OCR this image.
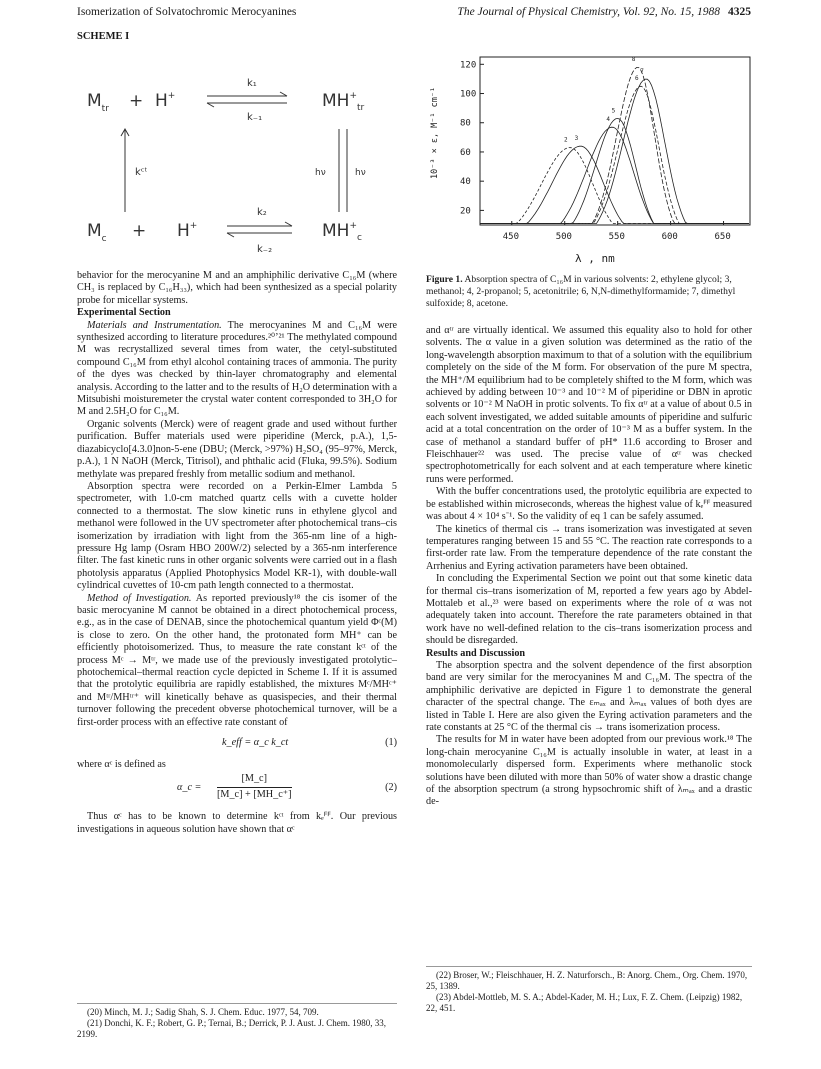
Isomerization of Solvatochromic Merocyanines	The Journal of Physical Chemistry, Vol. 92, No. 15, 1988 4325
SCHEME I
$M_{tr} + H^+$
k₁
k₋₁
$MH^+_{tr}$
kᶜᵗ	hν	hν
$M_c + H^+$
k₂
k₋₂
$MH^+_c$
120
100
80
60
40
20
450	500	550	600	650
2 3
4
5
6
7
8
10⁻³ × ε, M⁻¹ cm⁻¹
λ , nm
Figure 1. Absorption spectra of C₁₆M in various solvents: 2, ethylene glycol; 3, methanol; 4, 2-propanol; 5, acetonitrile; 6, N,N-dimethylformamide; 7, dimethyl sulfoxide; 8, acetone.

behavior for the merocyanine M and an amphiphilic derivative C₁₆M (where CH₃ is replaced by C₁₆H₃₃), which had been synthesized as a special polarity probe for micellar systems.

Experimental Section

Materials and Instrumentation. The merocyanines M and C₁₆M were synthesized according to literature procedures.²⁰ʼ²¹ The methylated compound M was recrystallized several times from water, the cetyl-substituted compound C₁₆M from ethyl alcohol containing traces of ammonia. The purity of the dyes was checked by thin-layer chromatography and elemental analysis. According to the latter and to the results of H₂O determination with a Mitsubishi moisturemeter the crystal water content corresponded to 3H₂O for M and 2.5H₂O for C₁₆M.

Organic solvents (Merck) were of reagent grade and used without further purification. Buffer materials used were piperidine (Merck, p.A.), 1,5-diazabicyclo[4.3.0]non-5-ene (DBU; (Merck, >97%) H₂SO₄ (95–97%, Merck, p.A.), 1 N NaOH (Merck, Titrisol), and phthalic acid (Fluka, 99.5%). Sodium methylate was prepared freshly from metallic sodium and methanol.

Absorption spectra were recorded on a Perkin-Elmer Lambda 5 spectrometer, with 1.0-cm matched quartz cells with a cuvette holder connected to a thermostat. The slow kinetic runs in ethylene glycol and methanol were followed in the UV spectrometer after photochemical trans–cis isomerization by irradiation with light from the 365-nm line of a high-pressure Hg lamp (Osram HBO 200W/2) selected by a 365-nm interference filter. The fast kinetic runs in other organic solvents were carried out in a flash photolysis apparatus (Applied Photophysics Model KR-1), with double-wall cylindrical cuvettes of 10-cm path length connected to a thermostat.

Method of Investigation. As reported previously¹⁸ the cis isomer of the basic merocyanine M cannot be obtained in a direct photochemical process, e.g., as in the case of DENAB, since the photochemical quantum yield Φᶜ(M) is close to zero. On the other hand, the protonated form MH⁺ can be efficiently photoisomerized. Thus, to measure the rate constant kᶜᵗ of the process Mᶜ → Mᵗʳ, we made use of the previously investigated protolytic–photochemical–thermal reaction cycle depicted in Scheme I. If it is assumed that the protolytic equilibria are rapidly established, the mixtures Mᶜ/MHᶜ⁺ and Mᵗʳ/MHᵗʳ⁺ will kinetically behave as quasispecies, and their thermal turnover following the precedent obverse photochemical turnover, will be a first-order process with an effective rate constant of

k_eff = α_c k_ct	(1)

where αᶜ is defined as

α_c = $\frac{[M\_c]}{[M\_c] + [MH\_c^+]}$	(2)

Thus αᶜ has to be known to determine kᶜᵗ from kₑꟳꟳ. Our previous investigations in aqueous solution have shown that αᶜ

and αᵗʳ are virtually identical. We assumed this equality also to hold for other solvents. The α value in a given solution was determined as the ratio of the long-wavelength absorption maximum to that of a solution with the equilibrium completely on the side of the M form. For observation of the pure M spectra, the MH⁺/M equilibrium had to be completely shifted to the M form, which was achieved by adding between 10⁻³ and 10⁻² M of piperidine or DBN in aprotic solvents or 10⁻² M NaOH in protic solvents. To fix αᵗʳ at a value of about 0.5 in each solvent investigated, we added suitable amounts of piperidine and sulfuric acid at a total concentration on the order of 10⁻³ M as a buffer system. In the case of methanol a standard buffer of pH* 11.6 according to Broser and Fleischhauer²² was used. The precise value of αᵗʳ was checked spectrophotometrically for each solvent and at each temperature where kinetic runs were performed.

With the buffer concentrations used, the protolytic equilibria are expected to be established within microseconds, whereas the highest value of kₑꟳꟳ measured was about 4 × 10⁴ s⁻¹. So the validity of eq 1 can be safely assumed.

The kinetics of thermal cis → trans isomerization was investigated at seven temperatures ranging between 15 and 55 °C. The reaction rate corresponds to a first-order rate law. From the temperature dependence of the rate constant the Arrhenius and Eyring activation parameters have been obtained.

In concluding the Experimental Section we point out that some kinetic data for thermal cis–trans isomerization of M, reported a few years ago by Abdel-Mottaleb et al.,²³ were based on experiments where the role of α was not adequately taken into account. Therefore the rate parameters obtained in that work have no well-defined relation to the cis–trans isomerization process and should be disregarded.

Results and Discussion

The absorption spectra and the solvent dependence of the first absorption band are very similar for the merocyanines M and C₁₆M. The spectra of the amphiphilic derivative are depicted in Figure 1 to demonstrate the general character of the spectral change. The εₘₐₓ and λₘₐₓ values of both dyes are listed in Table I. Here are also given the Eyring activation parameters and the rate constants at 25 °C of the thermal cis → trans isomerization process.

The results for M in water have been adopted from our previous work.¹⁸ The long-chain merocyanine C₁₆M is actually insoluble in water, at least in a monomolecularly dispersed form. Experiments where methanolic stock solutions have been diluted with more than 50% of water show a drastic change of the absorption spectrum (a strong hypsochromic shift of λₘₐₓ and a drastic de-

(20) Minch, M. J.; Sadig Shah, S. J. Chem. Educ. 1977, 54, 709.
(21) Donchi, K. F.; Robert, G. P.; Ternai, B.; Derrick, P. J. Aust. J. Chem. 1980, 33, 2199.
(22) Broser, W.; Fleischhauer, H. Z. Naturforsch., B: Anorg. Chem., Org. Chem. 1970, 25, 1389.
(23) Abdel-Mottleb, M. S. A.; Abdel-Kader, M. H.; Lux, F. Z. Chem. (Leipzig) 1982, 22, 451.
